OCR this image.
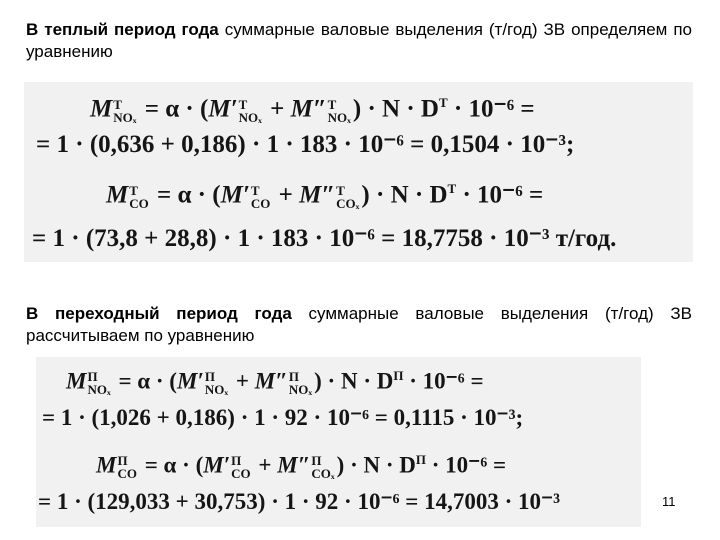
В теплый период года суммарные валовые выделения (т/год) ЗВ определяем по уравнению
M Т
NOₓ = α · (M′ Т
NOₓ + M″ Т
NOₓ ) · $N \cdot D^Т \cdot 10^{-6}$ =
= 1 · (0,636 + 0,186) · 1 · 183 · 10⁻⁶ = 0,1504 · 10⁻³;
M Т
CO = α · (M′ Т
CO + M″ Т
COₓ ) · $N \cdot D^Т \cdot 10^{-6}$ =
= 1 · (73,8 + 28,8) · 1 · 183 · 10⁻⁶ = 18,7758 · 10⁻³ т/год.
В переходный период года суммарные валовые выделения (т/год) ЗВ рассчитываем по уравнению
M П
NOₓ = α · (M′ П
NOₓ + M″ П
NOₓ ) · $N \cdot D^П \cdot 10^{-6}$ =
= 1 · (1,026 + 0,186) · 1 · 92 · 10⁻⁶ = 0,1115 · 10⁻³;
M П
CO = α · (M′ П
CO + M″ П
COₓ ) · $N \cdot D^П \cdot 10^{-6}$ =
= 1 · (129,033 + 30,753) · 1 · 92 · 10⁻⁶ = 14,7003 · 10⁻³	11
